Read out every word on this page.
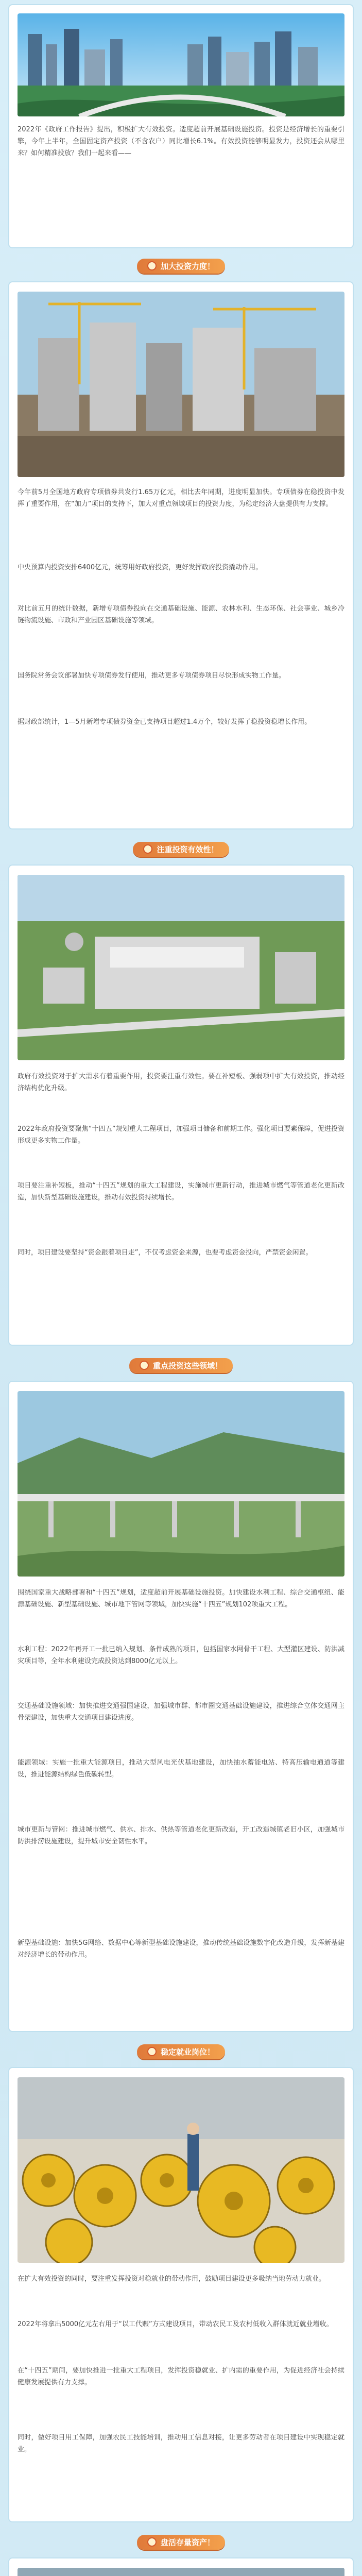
2022年《政府工作报告》提出，积极扩大有效投资。适度超前开展基础设施投资。投资是经济增长的重要引擎，今年上半年，全国固定资产投资（不含农户）同比增长6.1%。有效投资能够明显发力，投资还会从哪里来？如何精准投放？我们一起来看——
加大投资力度！
今年前5月全国地方政府专项债券共发行1.65万亿元，相比去年同期，进度明显加快。专项债券在稳投资中发挥了重要作用，在“加力”项目的支持下，加大对重点领域项目的投资力度，为稳定经济大盘提供有力支撑。
中央预算内投资安排6400亿元，统筹用好政府投资，更好发挥政府投资撬动作用。
对比前五月的统计数据，新增专项债券投向在交通基础设施、能源、农林水利、生态环保、社会事业、城乡冷链物流设施、市政和产业园区基础设施等领域。
国务院常务会议部署加快专项债券发行使用，推动更多专项债券项目尽快形成实物工作量。
据财政部统计，1—5月新增专项债券资金已支持项目超过1.4万个，较好发挥了稳投资稳增长作用。
注重投资有效性！
政府有效投资对于扩大需求有着重要作用，投资要注重有效性。要在补短板、强弱项中扩大有效投资，推动经济结构优化升级。
2022年政府投资要聚焦“十四五”规划重大工程项目，加强项目储备和前期工作。强化项目要素保障，促进投资形成更多实物工作量。
项目要注重补短板，推动“十四五”规划的重大工程建设，实施城市更新行动，推进城市燃气等管道老化更新改造，加快新型基础设施建设，推动有效投资持续增长。
同时，项目建设要坚持“资金跟着项目走”，不仅考虑资金来源，也要考虑资金投向，严禁资金闲置。
重点投资这些领域！
围绕国家重大战略部署和“十四五”规划，适度超前开展基础设施投资。加快建设水利工程、综合交通枢纽、能源基础设施、新型基础设施、城市地下管网等领域，加快实施“十四五”规划102项重大工程。
水利工程：2022年再开工一批已纳入规划、条件成熟的项目，包括国家水网骨干工程、大型灌区建设、防洪减灾项目等，全年水利建设完成投资达到8000亿元以上。
交通基础设施领域：加快推进交通强国建设，加强城市群、都市圈交通基础设施建设，推进综合立体交通网主骨架建设，加快重大交通项目建设进度。
能源领域：实施一批重大能源项目，推动大型风电光伏基地建设，加快抽水蓄能电站、特高压输电通道等建设，推进能源结构绿色低碳转型。
城市更新与管网：推进城市燃气、供水、排水、供热等管道老化更新改造，开工改造城镇老旧小区，加强城市防洪排涝设施建设，提升城市安全韧性水平。
新型基础设施：加快5G网络、数据中心等新型基础设施建设，推动传统基础设施数字化改造升级，发挥新基建对经济增长的带动作用。
稳定就业岗位！
在扩大有效投资的同时，要注重发挥投资对稳就业的带动作用，鼓励项目建设更多吸纳当地劳动力就业。
2022年将拿出5000亿元左右用于“以工代赈”方式建设项目，带动农民工及农村低收入群体就近就业增收。
在“十四五”期间，要加快推进一批重大工程项目，发挥投资稳就业、扩内需的重要作用，为促进经济社会持续健康发展提供有力支撑。
同时，做好项目用工保障，加强农民工技能培训，推动用工信息对接，让更多劳动者在项目建设中实现稳定就业。
盘活存量资产！
